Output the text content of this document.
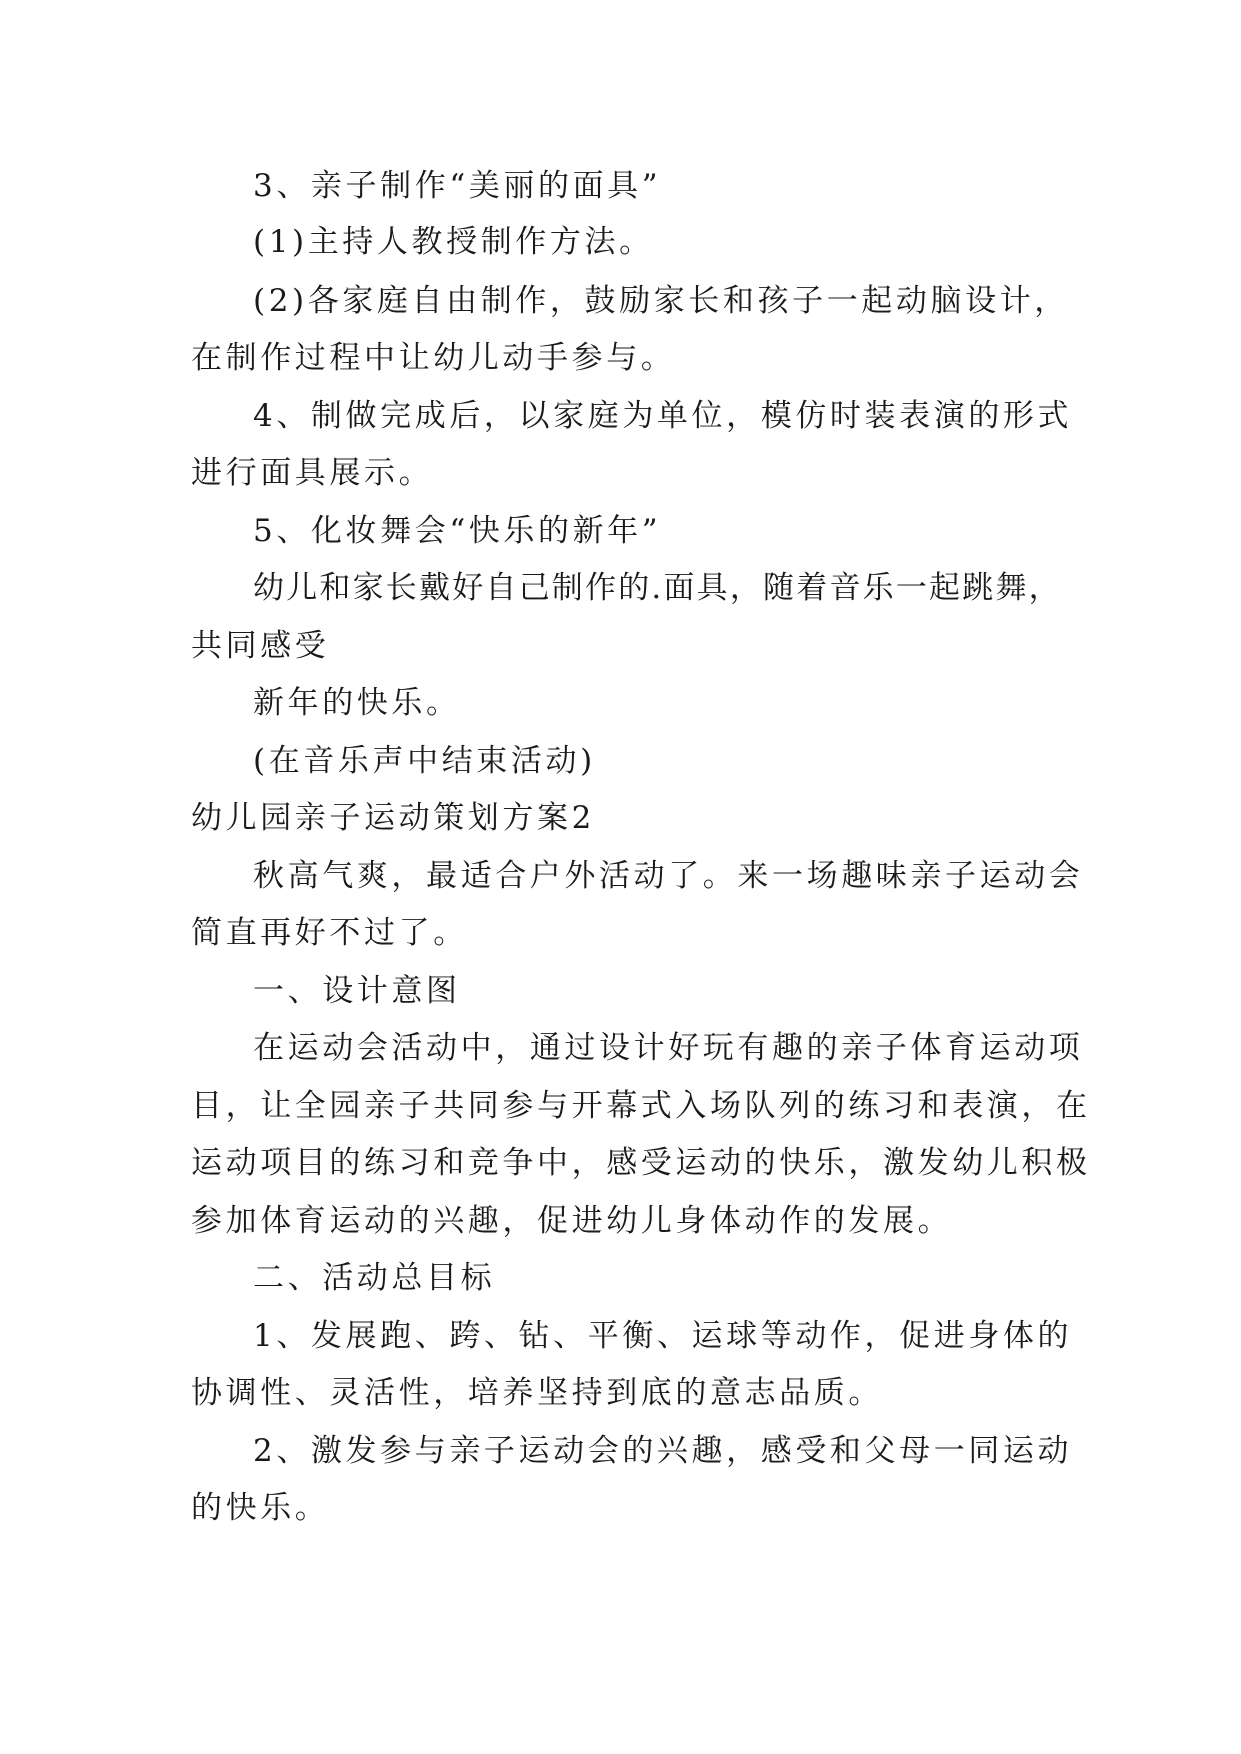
3、亲子制作“美丽的面具”
(1)主持人教授制作方法。
(2)各家庭自由制作，鼓励家长和孩子一起动脑设计，
在制作过程中让幼儿动手参与。
4、制做完成后，以家庭为单位，模仿时装表演的形式
进行面具展示。
5、化妆舞会“快乐的新年”
幼儿和家长戴好自己制作的.面具，随着音乐一起跳舞，
共同感受
新年的快乐。
(在音乐声中结束活动)
幼儿园亲子运动策划方案2
秋高气爽，最适合户外活动了。来一场趣味亲子运动会
简直再好不过了。
一、设计意图
在运动会活动中，通过设计好玩有趣的亲子体育运动项
目，让全园亲子共同参与开幕式入场队列的练习和表演，在
运动项目的练习和竞争中，感受运动的快乐，激发幼儿积极
参加体育运动的兴趣，促进幼儿身体动作的发展。
二、活动总目标
1、发展跑、跨、钻、平衡、运球等动作，促进身体的
协调性、灵活性，培养坚持到底的意志品质。
2、激发参与亲子运动会的兴趣，感受和父母一同运动
的快乐。
